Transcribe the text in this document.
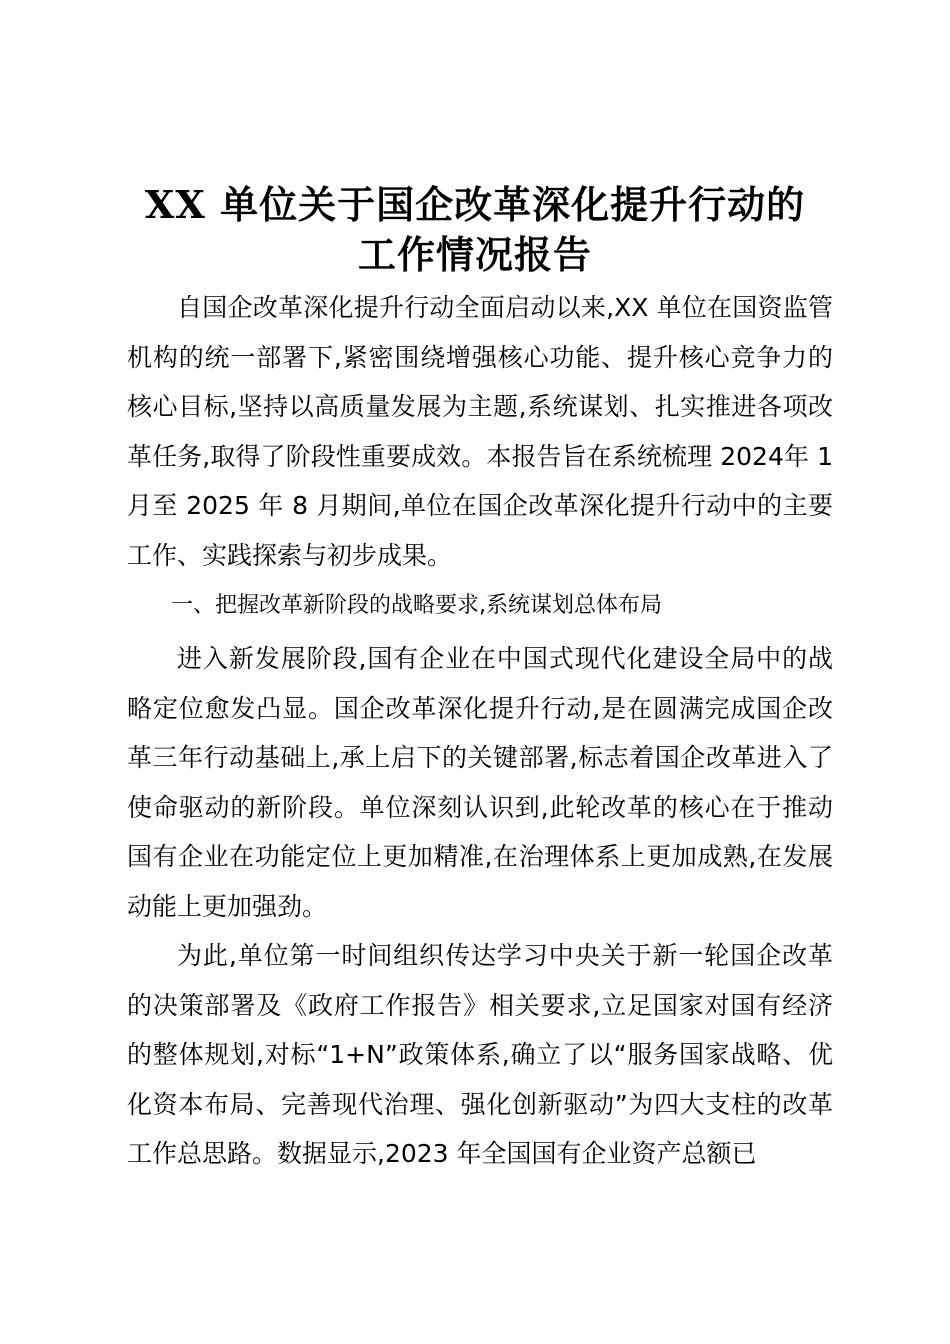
XX 单位关于国企改革深化提升行动的
工作情况报告

自国企改革深化提升行动全面启动以来,XX 单位在国资监管机构的统一部署下,紧密围绕增强核心功能、提升核心竞争力的核心目标,坚持以高质量发展为主题,系统谋划、扎实推进各项改革任务,取得了阶段性重要成效。本报告旨在系统梳理 2024年 1 月至 2025 年 8 月期间,单位在国企改革深化提升行动中的主要工作、实践探索与初步成果。

一、把握改革新阶段的战略要求,系统谋划总体布局

进入新发展阶段,国有企业在中国式现代化建设全局中的战略定位愈发凸显。国企改革深化提升行动,是在圆满完成国企改革三年行动基础上,承上启下的关键部署,标志着国企改革进入了使命驱动的新阶段。单位深刻认识到,此轮改革的核心在于推动国有企业在功能定位上更加精准,在治理体系上更加成熟,在发展动能上更加强劲。

为此,单位第一时间组织传达学习中央关于新一轮国企改革的决策部署及《政府工作报告》相关要求,立足国家对国有经济的整体规划,对标“1+N”政策体系,确立了以“服务国家战略、优化资本布局、完善现代治理、强化创新驱动”为四大支柱的改革工作总思路。数据显示,2023 年全国国有企业资产总额已
